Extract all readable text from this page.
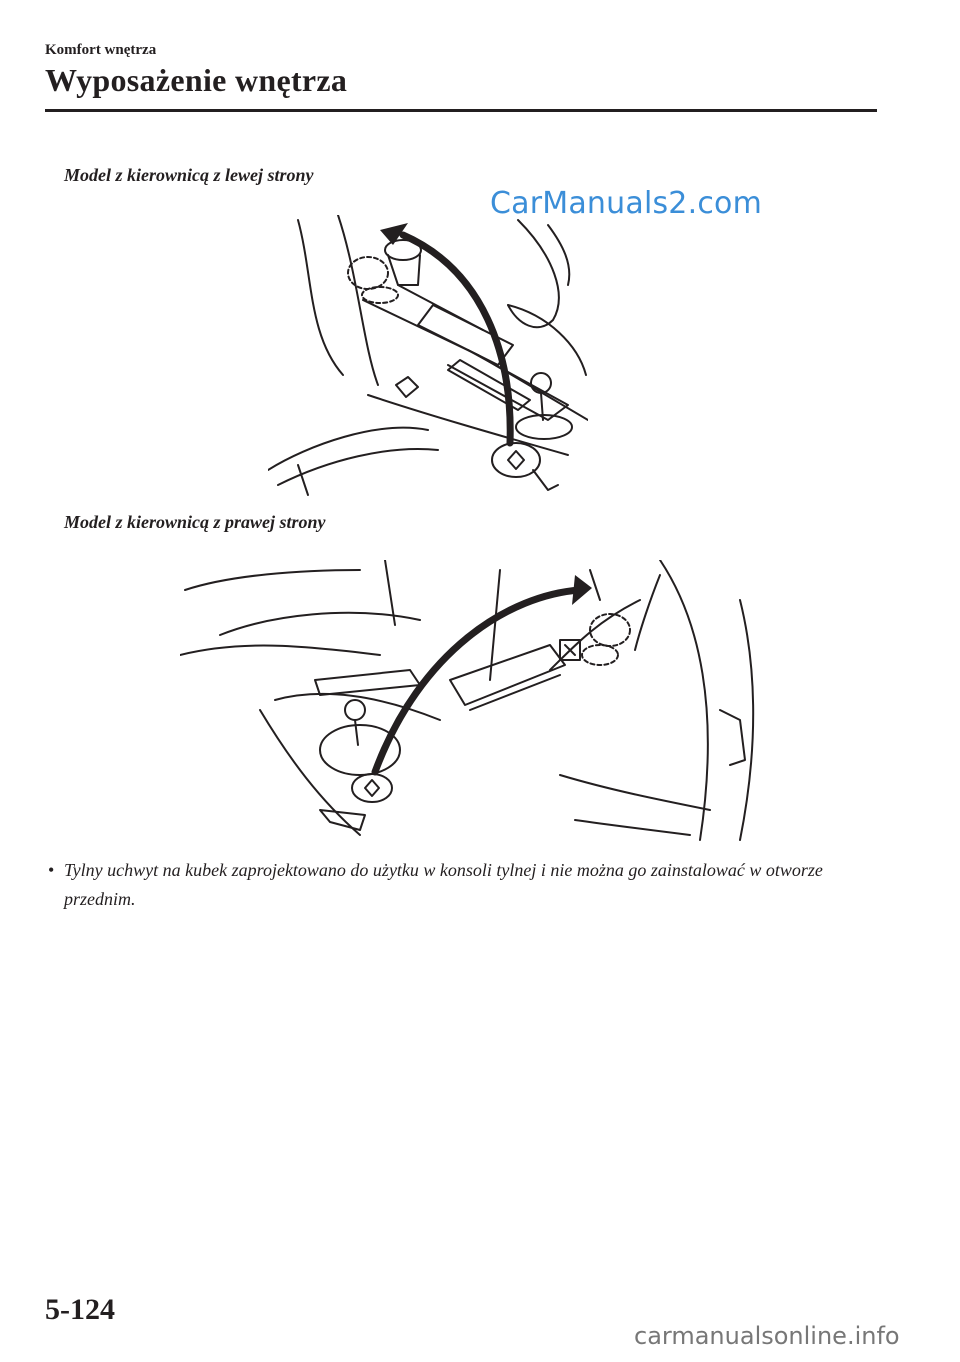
Komfort wnętrza
Wyposażenie wnętrza
Model z kierownicą z lewej strony
CarManuals2.com
Model z kierownicą z prawej strony
• Tylny uchwyt na kubek zaprojektowano do użytku w konsoli tylnej i nie można go zainstalować w otworze przednim.
5-124
carmanualsonline.info
